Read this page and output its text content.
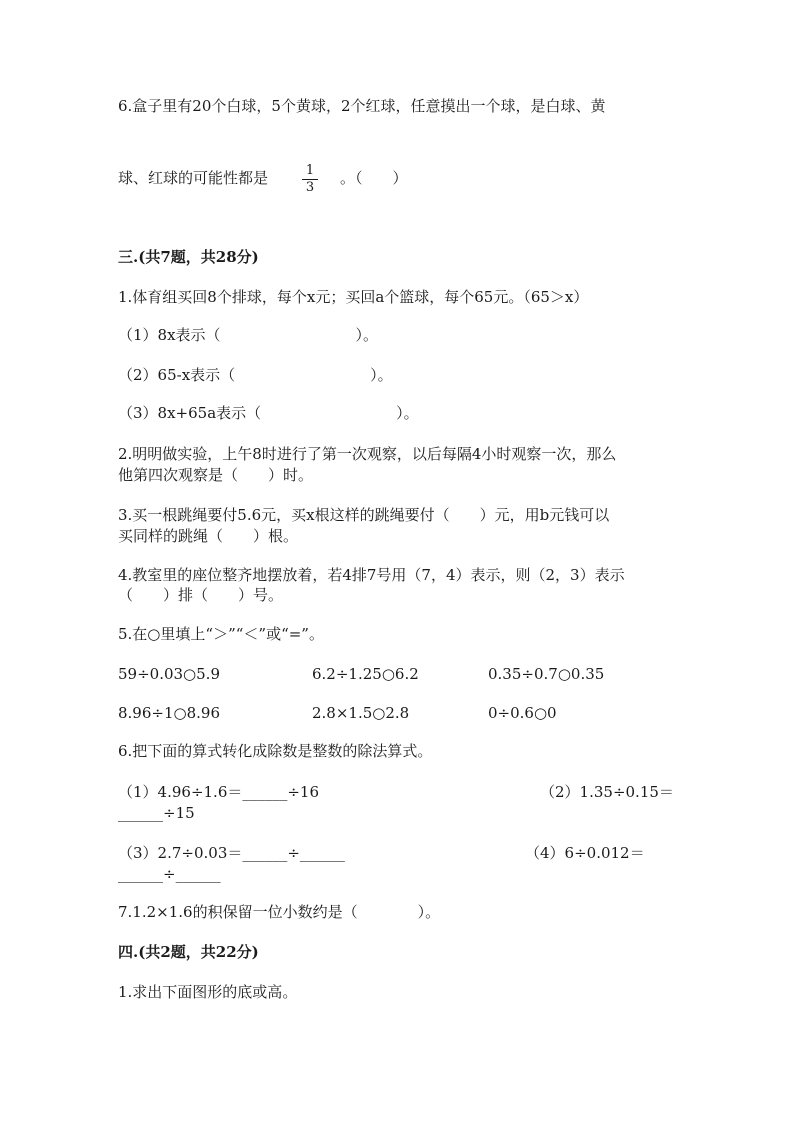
6.盒子里有20个白球，5个黄球，2个红球，任意摸出一个球，是白球、黄
球、红球的可能性都是	1
3
。（　　）
三.(共7题，共28分)
1.体育组买回8个排球，每个x元；买回a个篮球，每个65元。（65＞x）
（1）8x表示（　　　　　　　　　）。
（2）65-x表示（　　　　　　　　　）。
（3）8x+65a表示（　　　　　　　　　）。
2.明明做实验，上午8时进行了第一次观察，以后每隔4小时观察一次，那么
他第四次观察是（　　）时。
3.买一根跳绳要付5.6元，买x根这样的跳绳要付（　　）元，用b元钱可以
买同样的跳绳（　　）根。
4.教室里的座位整齐地摆放着，若4排7号用（7，4）表示，则（2，3）表示
（　　）排（　　）号。
5.在○里填上“＞”“＜”或“=”。
59÷0.03○5.9	6.2÷1.25○6.2	0.35÷0.7○0.35
8.96÷1○8.96	2.8×1.5○2.8	0÷0.6○0
6.把下面的算式转化成除数是整数的除法算式。
（1）4.96÷1.6＝______÷16	（2）1.35÷0.15＝
______÷15
（3）2.7÷0.03＝______÷______	（4）6÷0.012＝
______÷______
7.1.2×1.6的积保留一位小数约是（　　　　）。
四.(共2题，共22分)
1.求出下面图形的底或高。
